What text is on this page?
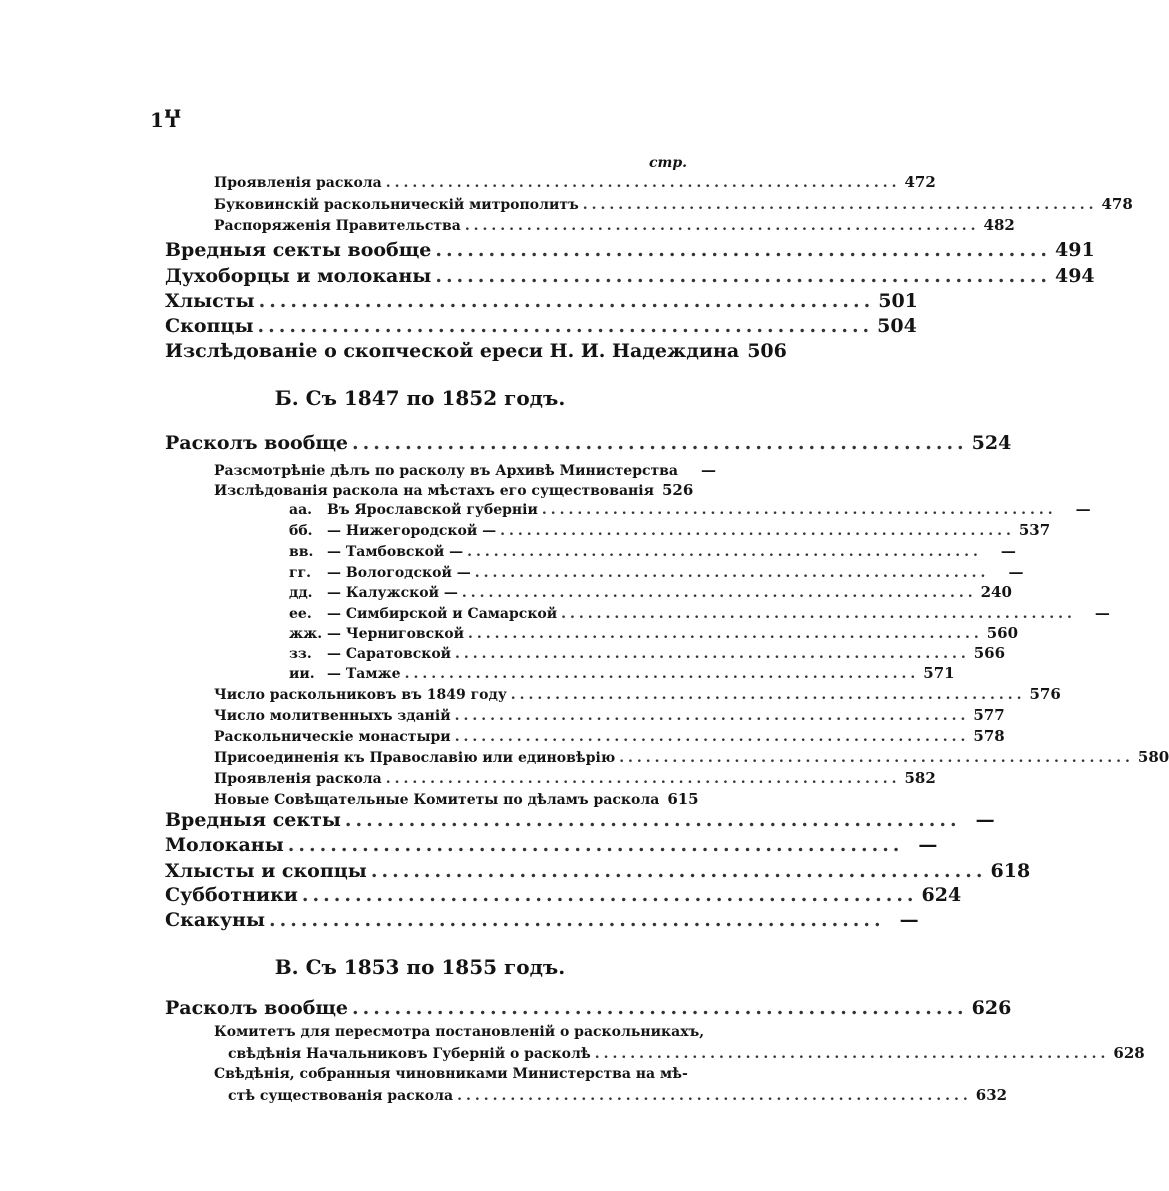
1Ⴤ
стр.
Проявленія раскола .......................................................... 472
Буковинскій раскольническій митрополитъ .......................................................... 478
Распоряженія Правительства .......................................................... 482
Вредныя секты вообще .......................................................... 491
Духоборцы и молоканы .......................................................... 494
Хлысты .......................................................... 501
Скопцы .......................................................... 504
Изслѣдованіе о скопческой ереси Н. И. Надеждина 506
Расколъ вообще .......................................................... 524
Разсмотрѣніе дѣлъ по расколу въ Архивѣ Министерства	—
Изслѣдованія раскола на мѣстахъ его существованія 526
аа. Въ Ярославской губерніи ..........................................................	—
бб. — Нижегородской — .......................................................... 537
вв. — Тамбовской — ..........................................................	—
гг. — Вологодской — ..........................................................	—
дд. — Калужской — .......................................................... 240
ее. — Симбирской и Самарской ..........................................................	—
жж. — Черниговской .......................................................... 560
зз. — Саратовской .......................................................... 566
ии. — Тамже .......................................................... 571
Число раскольниковъ въ 1849 году .......................................................... 576
Число молитвенныхъ зданій .......................................................... 577
Раскольническіе монастыри .......................................................... 578
Присоединенія къ Православію или единовѣрію .......................................................... 580
Проявленія раскола .......................................................... 582
Новые Совѣщательные Комитеты по дѣламъ раскола 615
Вредныя секты .......................................................... —
Молоканы .......................................................... —
Хлысты и скопцы .......................................................... 618
Субботники .......................................................... 624
Скакуны .......................................................... —
Б. Съ 1847 по 1852 годъ.
В. Съ 1853 по 1855 годъ.
Расколъ вообще .......................................................... 626
Комитетъ для пересмотра постановленій о раскольникахъ,
свѣдѣнія Начальниковъ Губерній о расколѣ .......................................................... 628
Свѣдѣнія, собранныя чиновниками Министерства на мѣ-
стѣ существованія раскола .......................................................... 632
